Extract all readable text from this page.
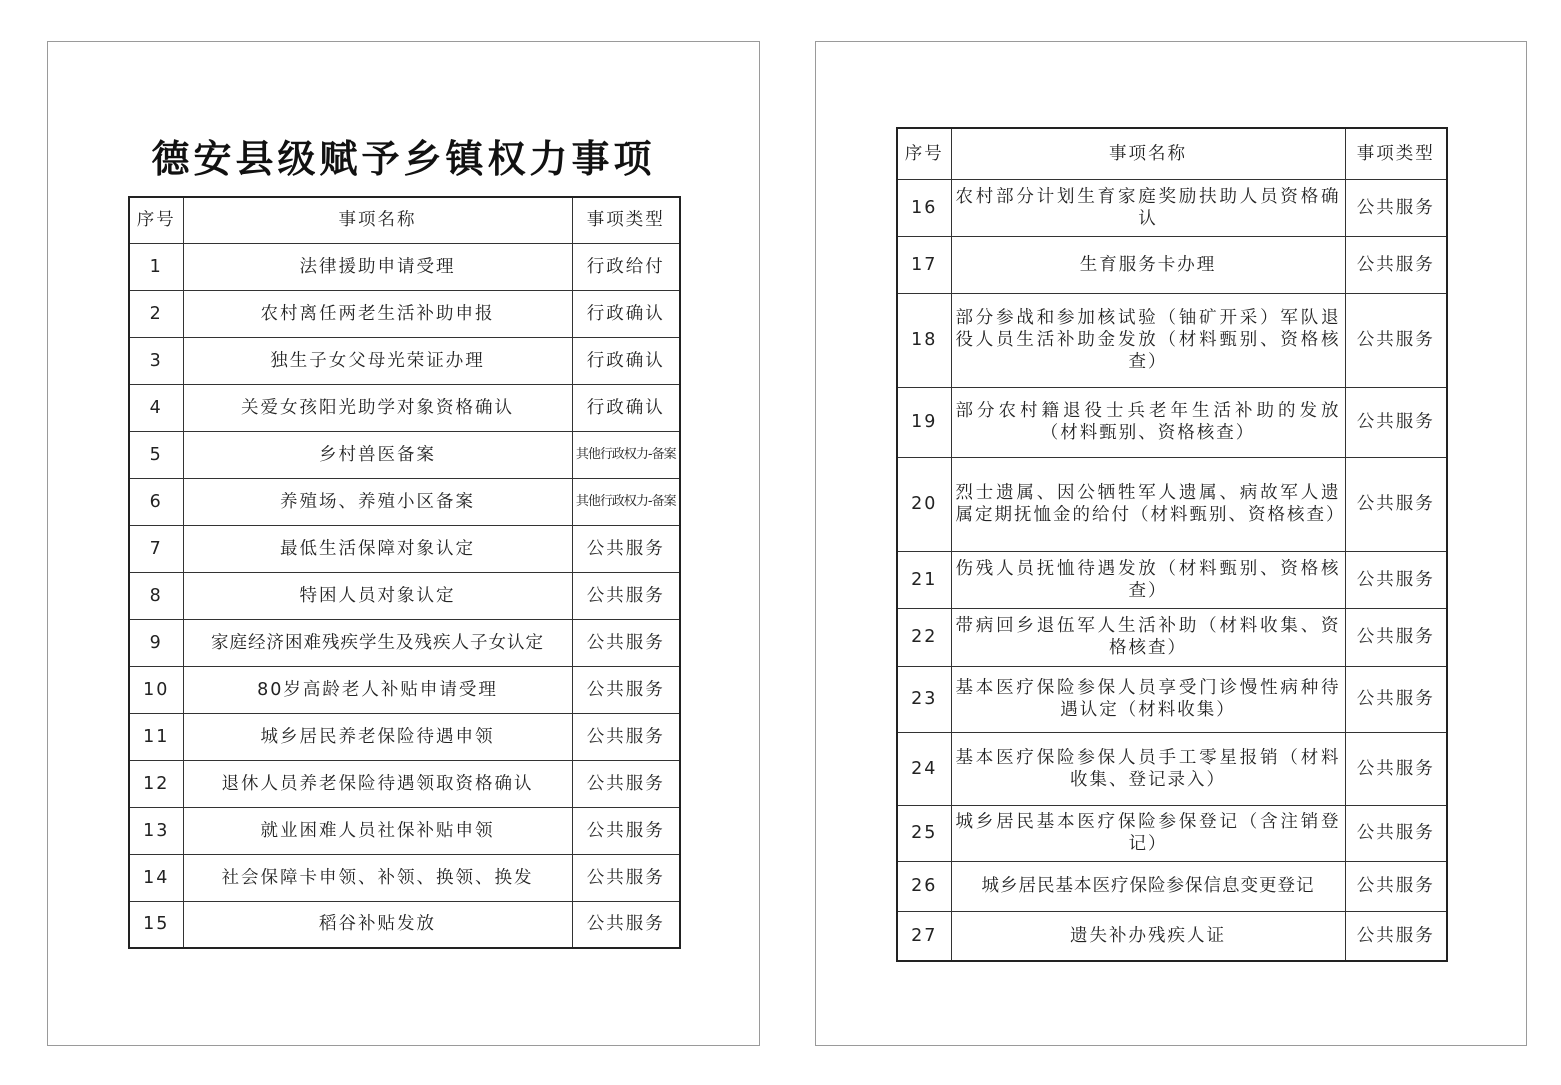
德安县级赋予乡镇权力事项
序号	事项名称	事项类型
1	法律援助申请受理	行政给付
2	农村离任两老生活补助申报	行政确认
3	独生子女父母光荣证办理	行政确认
4	关爱女孩阳光助学对象资格确认	行政确认
5	乡村兽医备案	其他行政权力-备案
6	养殖场、养殖小区备案	其他行政权力-备案
7	最低生活保障对象认定	公共服务
8	特困人员对象认定	公共服务
9	家庭经济困难残疾学生及残疾人子女认定	公共服务
10	80岁高龄老人补贴申请受理	公共服务
11	城乡居民养老保险待遇申领	公共服务
12	退休人员养老保险待遇领取资格确认	公共服务
13	就业困难人员社保补贴申领	公共服务
14	社会保障卡申领、补领、换领、换发	公共服务
15	稻谷补贴发放	公共服务
序号	事项名称	事项类型
16	农村部分计划生育家庭奖励扶助人员资格确认	公共服务
17	生育服务卡办理	公共服务
18	部分参战和参加核试验（铀矿开采）军队退役人员生活补助金发放（材料甄别、资格核查）	公共服务
19	部分农村籍退役士兵老年生活补助的发放（材料甄别、资格核查）	公共服务
20	烈士遗属、因公牺牲军人遗属、病故军人遗属定期抚恤金的给付（材料甄别、资格核查）	公共服务
21	伤残人员抚恤待遇发放（材料甄别、资格核查）	公共服务
22	带病回乡退伍军人生活补助（材料收集、资格核查）	公共服务
23	基本医疗保险参保人员享受门诊慢性病种待遇认定（材料收集）	公共服务
24	基本医疗保险参保人员手工零星报销（材料收集、登记录入）	公共服务
25	城乡居民基本医疗保险参保登记（含注销登记）	公共服务
26	城乡居民基本医疗保险参保信息变更登记	公共服务
27	遗失补办残疾人证	公共服务
